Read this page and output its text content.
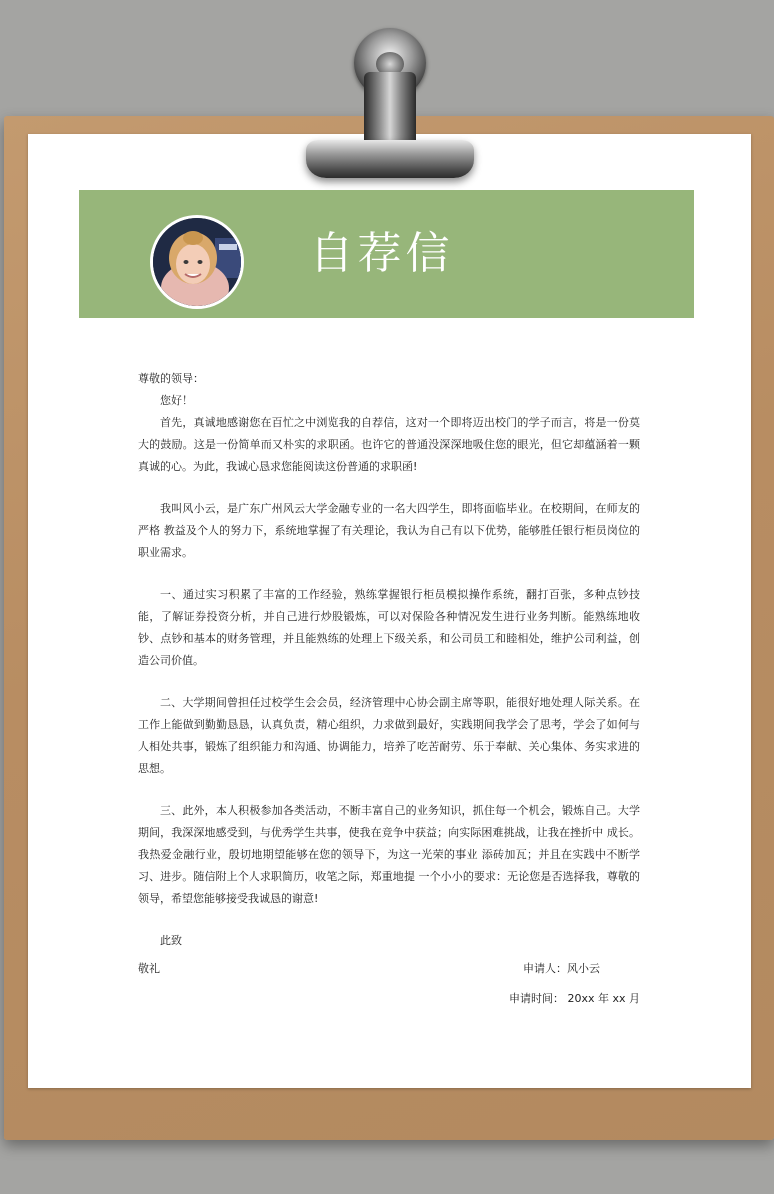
自荐信

尊敬的领导：

您好！

首先，真诚地感谢您在百忙之中浏览我的自荐信，这对一个即将迈出校门的学子而言，将是一份莫大的鼓励。这是一份简单而又朴实的求职函。也许它的普通没深深地吸住您的眼光，但它却蕴涵着一颗真诚的心。为此，我诚心恳求您能阅读这份普通的求职函!

我叫风小云，是广东广州风云大学金融专业的一名大四学生，即将面临毕业。在校期间，在师友的严格 教益及个人的努力下，系统地掌握了有关理论，我认为自己有以下优势，能够胜任银行柜员岗位的职业需求。

一、通过实习积累了丰富的工作经验，熟练掌握银行柜员模拟操作系统，翻打百张，多种点钞技能，了解证券投资分析，并自己进行炒股锻炼，可以对保险各种情况发生进行业务判断。能熟练地收钞、点钞和基本的财务管理，并且能熟练的处理上下级关系，和公司员工和睦相处，维护公司利益，创造公司价值。

二、大学期间曾担任过校学生会会员，经济管理中心协会副主席等职，能很好地处理人际关系。在工作上能做到勤勤恳恳，认真负责，精心组织，力求做到最好，实践期间我学会了思考，学会了如何与人相处共事，锻炼了组织能力和沟通、协调能力，培养了吃苦耐劳、乐于奉献、关心集体、务实求进的思想。

三、此外，本人积极参加各类活动，不断丰富自己的业务知识，抓住每一个机会，锻炼自己。大学期间，我深深地感受到，与优秀学生共事，使我在竞争中获益；向实际困难挑战，让我在挫折中 成长。我热爱金融行业，殷切地期望能够在您的领导下，为这一光荣的事业 添砖加瓦；并且在实践中不断学习、进步。随信附上个人求职简历，收笔之际，郑重地提 一个小小的要求：无论您是否选择我，尊敬的领导，希望您能够接受我诚恳的谢意!

此致

敬礼	申请人：风小云
申请时间： 20xx 年 xx 月
